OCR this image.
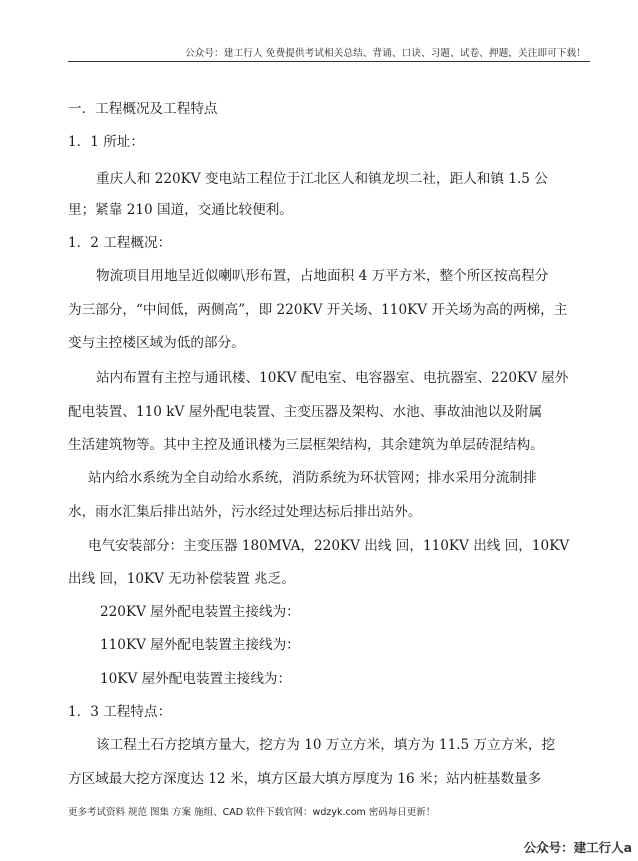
公众号：建工行人 免费提供考试相关总结、背诵、口诀、习题、试卷、押题，关注即可下载！
一．工程概况及工程特点
1．1 所址：
重庆人和 220KV 变电站工程位于江北区人和镇龙坝二社，距人和镇 1.5 公
里；紧靠 210 国道，交通比较便利。
1．2 工程概况：
物流项目用地呈近似喇叭形布置，占地面积 4 万平方米，整个所区按高程分
为三部分，“中间低，两侧高”，即 220KV 开关场、110KV 开关场为高的两梯，主
变与主控楼区域为低的部分。
站内布置有主控与通讯楼、10KV 配电室、电容器室、电抗器室、220KV 屋外
配电装置、110 kV 屋外配电装置、主变压器及架构、水池、事故油池以及附属
生活建筑物等。其中主控及通讯楼为三层框架结构，其余建筑为单层砖混结构。
站内给水系统为全自动给水系统，消防系统为环状管网；排水采用分流制排
水，雨水汇集后排出站外，污水经过处理达标后排出站外。
电气安装部分：主变压器 180MVA，220KV 出线 回，110KV 出线 回，10KV
出线 回，10KV 无功补偿装置 兆乏。
220KV 屋外配电装置主接线为：
110KV 屋外配电装置主接线为：
10KV 屋外配电装置主接线为：
1．3 工程特点：
该工程土石方挖填方量大，挖方为 10 万立方米，填方为 11.5 万立方米，挖
方区域最大挖方深度达 12 米，填方区最大填方厚度为 16 米；站内桩基数量多
更多考试资料 规范 图集 方案 施组、CAD 软件下载官网：wdzyk.com 密码每日更新！
公众号：建工行人a
